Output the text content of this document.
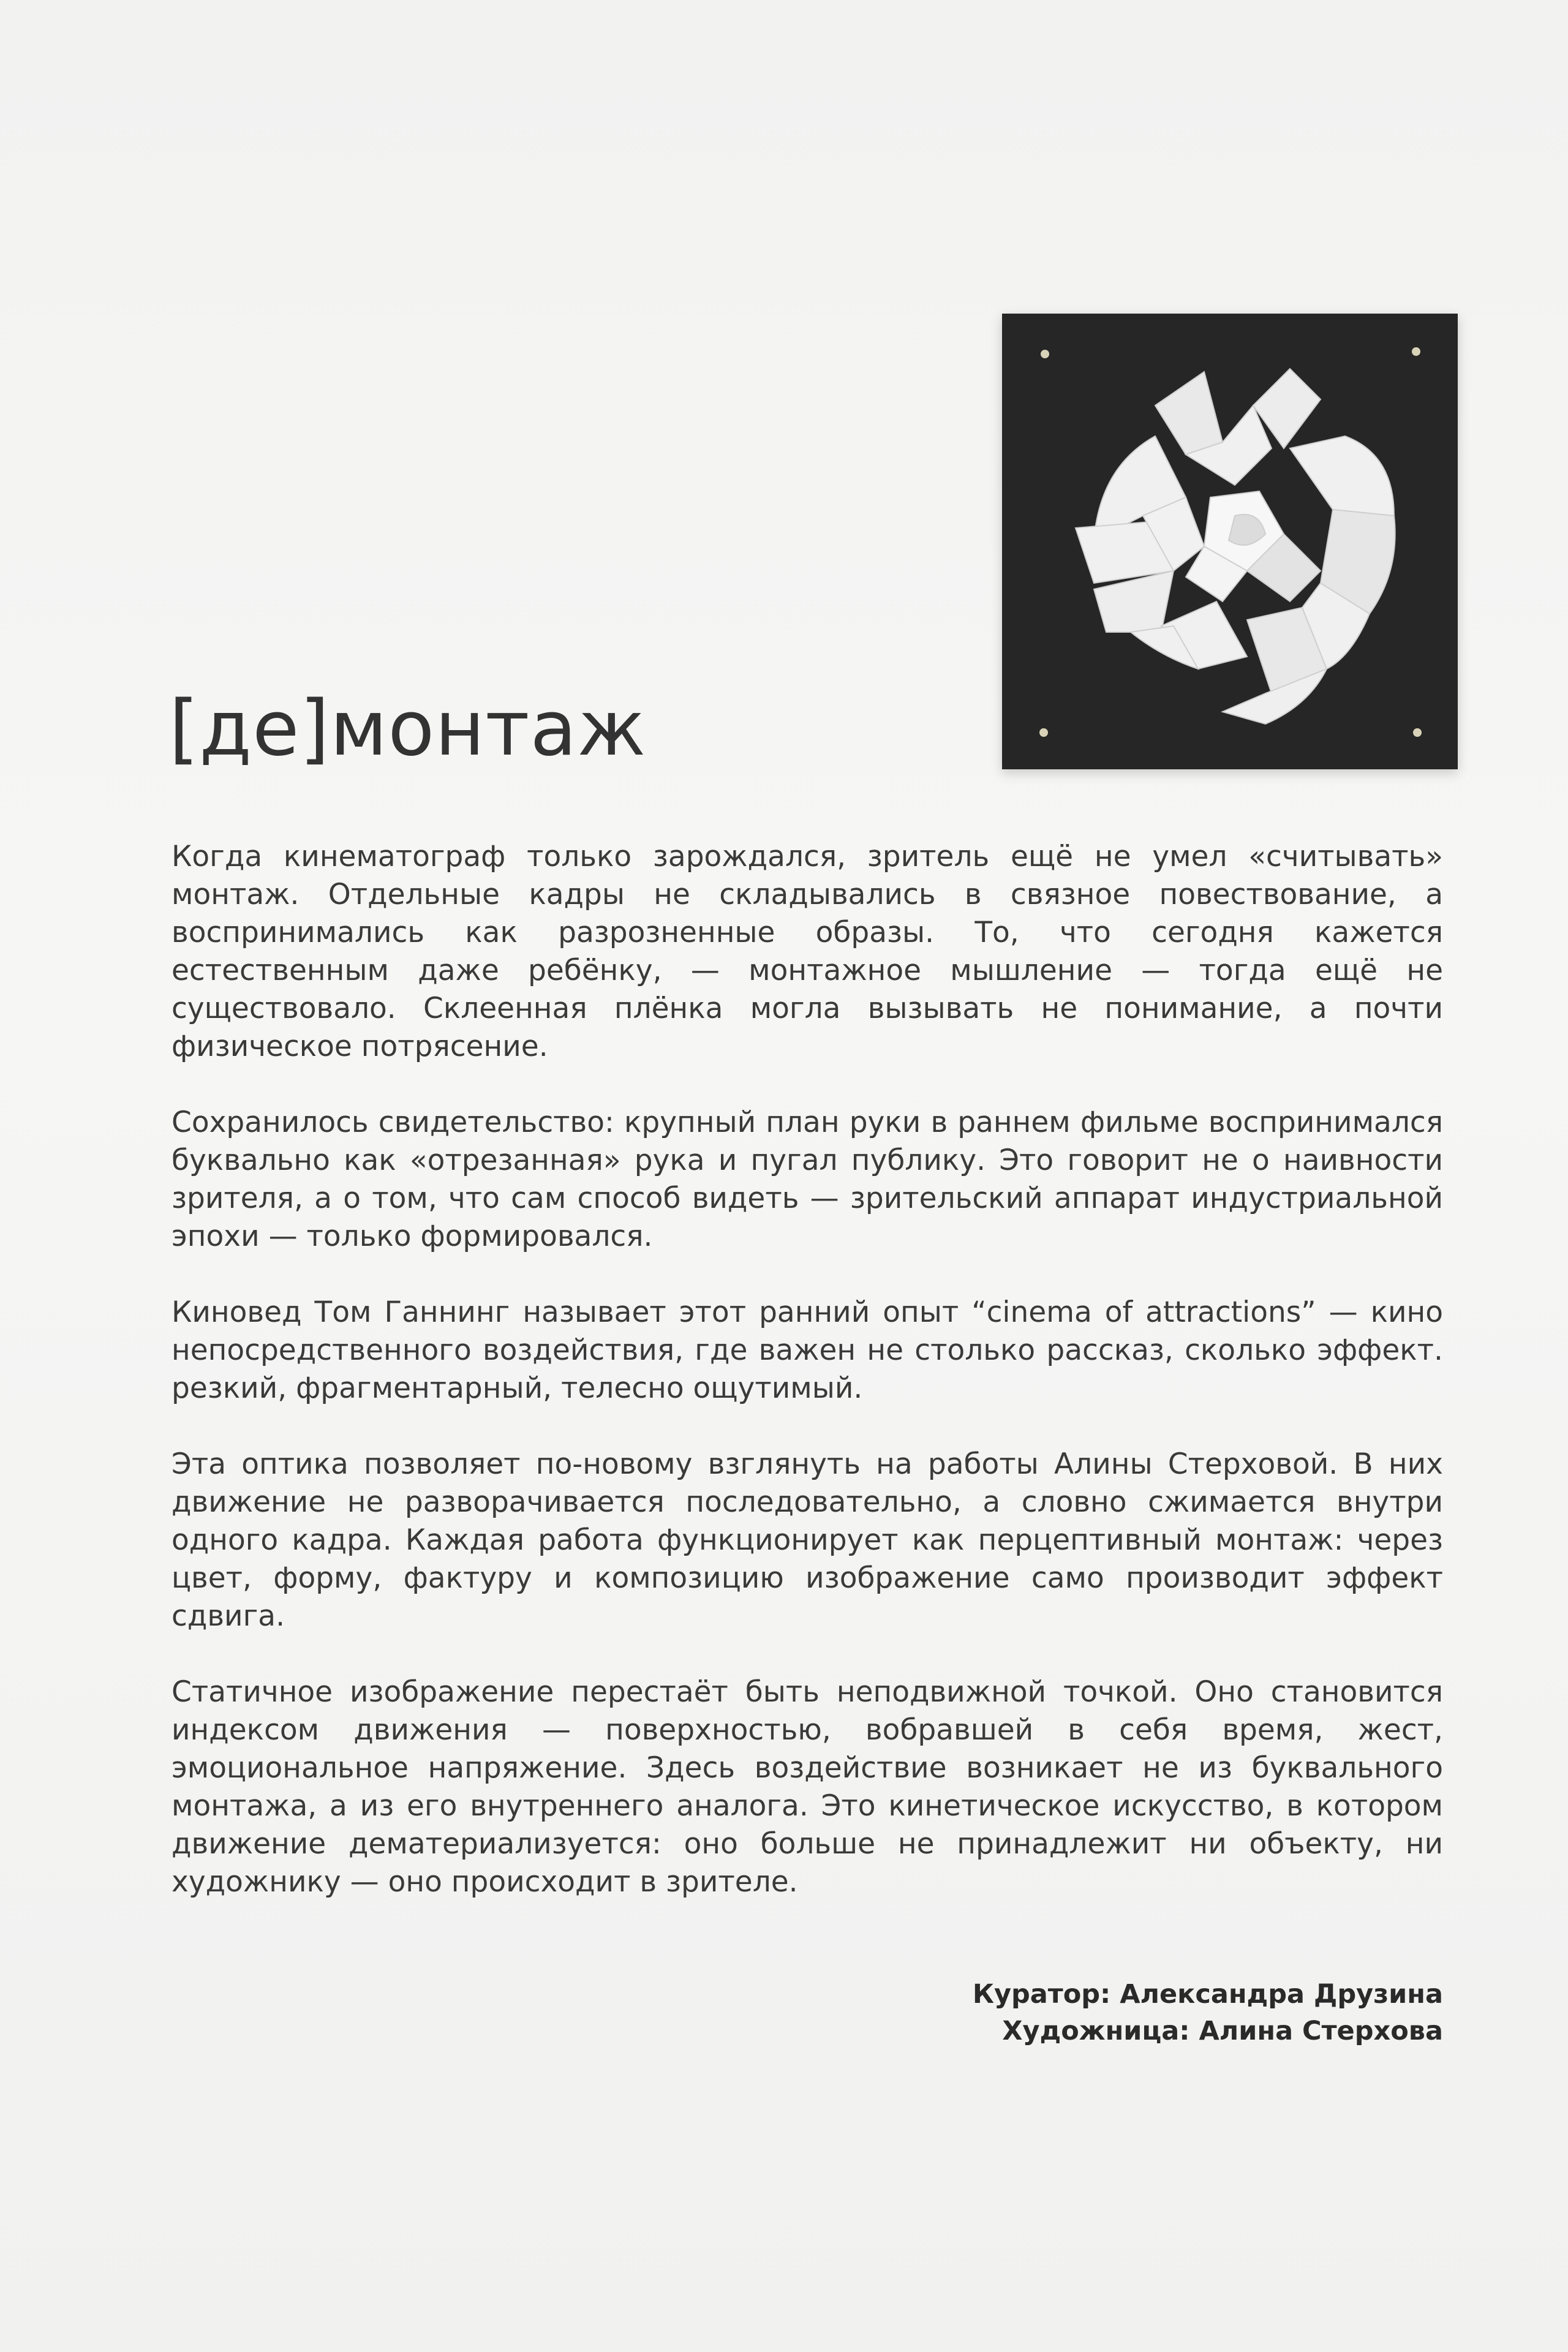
[де]монтаж

Когда кинематограф только зарождался, зритель ещё не умел «считывать» монтаж. Отдельные кадры не складывались в связное повествование, а воспринимались как разрозненные образы. То, что сегодня кажется естественным даже ребёнку, — монтажное мышление — тогда ещё не существовало. Склеенная плёнка могла вызывать не понимание, а почти физическое потрясение.

Сохранилось свидетельство: крупный план руки в раннем фильме воспринимался буквально как «отрезанная» рука и пугал публику. Это говорит не о наивности зрителя, а о том, что сам способ видеть — зрительский аппарат индустриальной эпохи — только формировался.

Киновед Том Ганнинг называет этот ранний опыт “cinema of attractions” — кино непосредственного воздействия, где важен не столько рассказ, сколько эффект. резкий, фрагментарный, телесно ощутимый.

Эта оптика позволяет по-новому взглянуть на работы Алины Стерховой. В них движение не разворачивается последовательно, а словно сжимается внутри одного кадра. Каждая работа функционирует как перцептивный монтаж: через цвет, форму, фактуру и композицию изображение само производит эффект сдвига.

Статичное изображение перестаёт быть неподвижной точкой. Оно становится индексом движения — поверхностью, вобравшей в себя время, жест, эмоциональное напряжение. Здесь воздействие возникает не из буквального монтажа, а из его внутреннего аналога. Это кинетическое искусство, в котором движение дематериализуется: оно больше не принадлежит ни объекту, ни художнику — оно происходит в зрителе.

Куратор: Александра Друзина
Художница: Алина Стерхова
